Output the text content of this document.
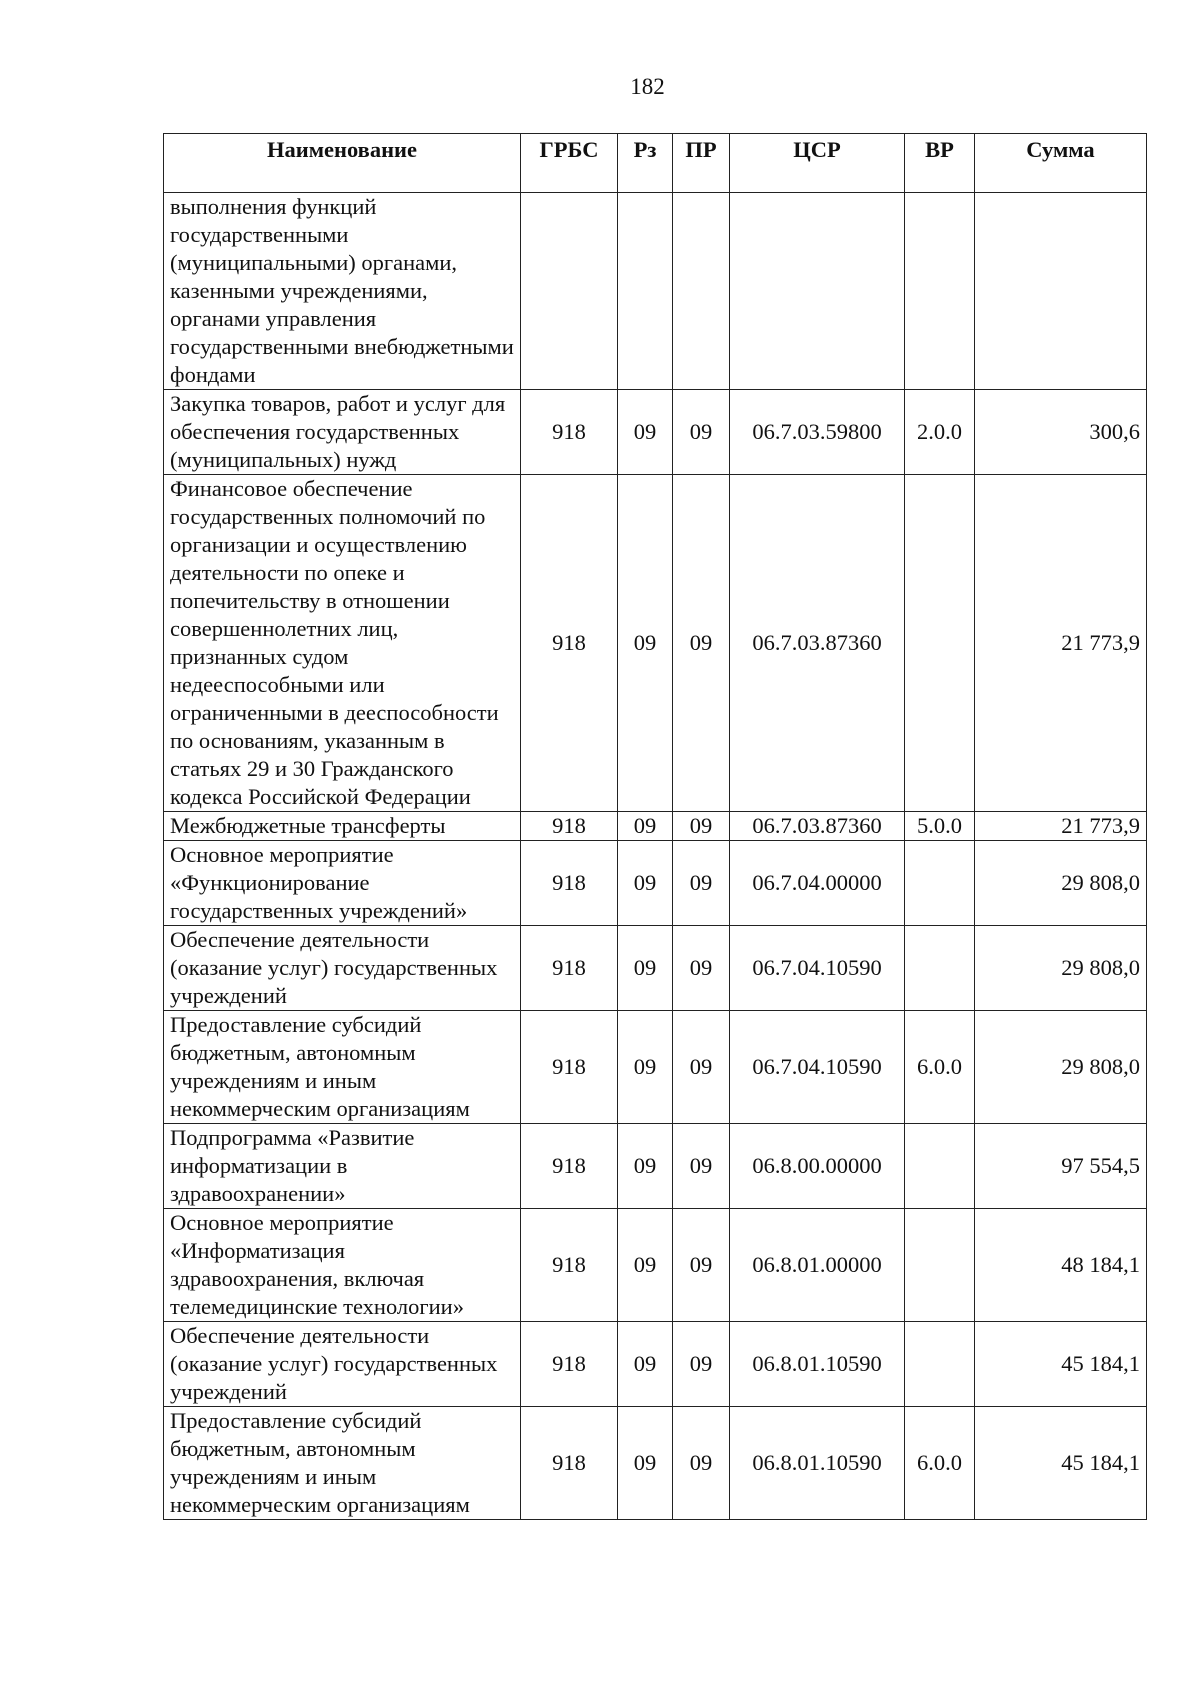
182
Наименование	ГРБС	Рз	ПР	ЦСР	ВР	Сумма
выполнения функций государственными (муниципальными) органами, казенными учреждениями, органами управления государственными внебюджетными фондами						
Закупка товаров, работ и услуг для обеспечения государственных (муниципальных) нужд	918	09	09	06.7.03.59800	2.0.0	300,6
Финансовое обеспечение государственных полномочий по организации и осуществлению деятельности по опеке и попечительству в отношении совершеннолетних лиц, признанных судом недееспособными или ограниченными в дееспособности по основаниям, указанным в статьях 29 и 30 Гражданского кодекса Российской Федерации	918	09	09	06.7.03.87360		21 773,9
Межбюджетные трансферты	918	09	09	06.7.03.87360	5.0.0	21 773,9
Основное мероприятие «Функционирование государственных учреждений»	918	09	09	06.7.04.00000		29 808,0
Обеспечение деятельности (оказание услуг) государственных учреждений	918	09	09	06.7.04.10590		29 808,0
Предоставление субсидий бюджетным, автономным учреждениям и иным некоммерческим организациям	918	09	09	06.7.04.10590	6.0.0	29 808,0
Подпрограмма «Развитие информатизации в здравоохранении»	918	09	09	06.8.00.00000		97 554,5
Основное мероприятие «Информатизация здравоохранения, включая телемедицинские технологии»	918	09	09	06.8.01.00000		48 184,1
Обеспечение деятельности (оказание услуг) государственных учреждений	918	09	09	06.8.01.10590		45 184,1
Предоставление субсидий бюджетным, автономным учреждениям и иным некоммерческим организациям	918	09	09	06.8.01.10590	6.0.0	45 184,1
